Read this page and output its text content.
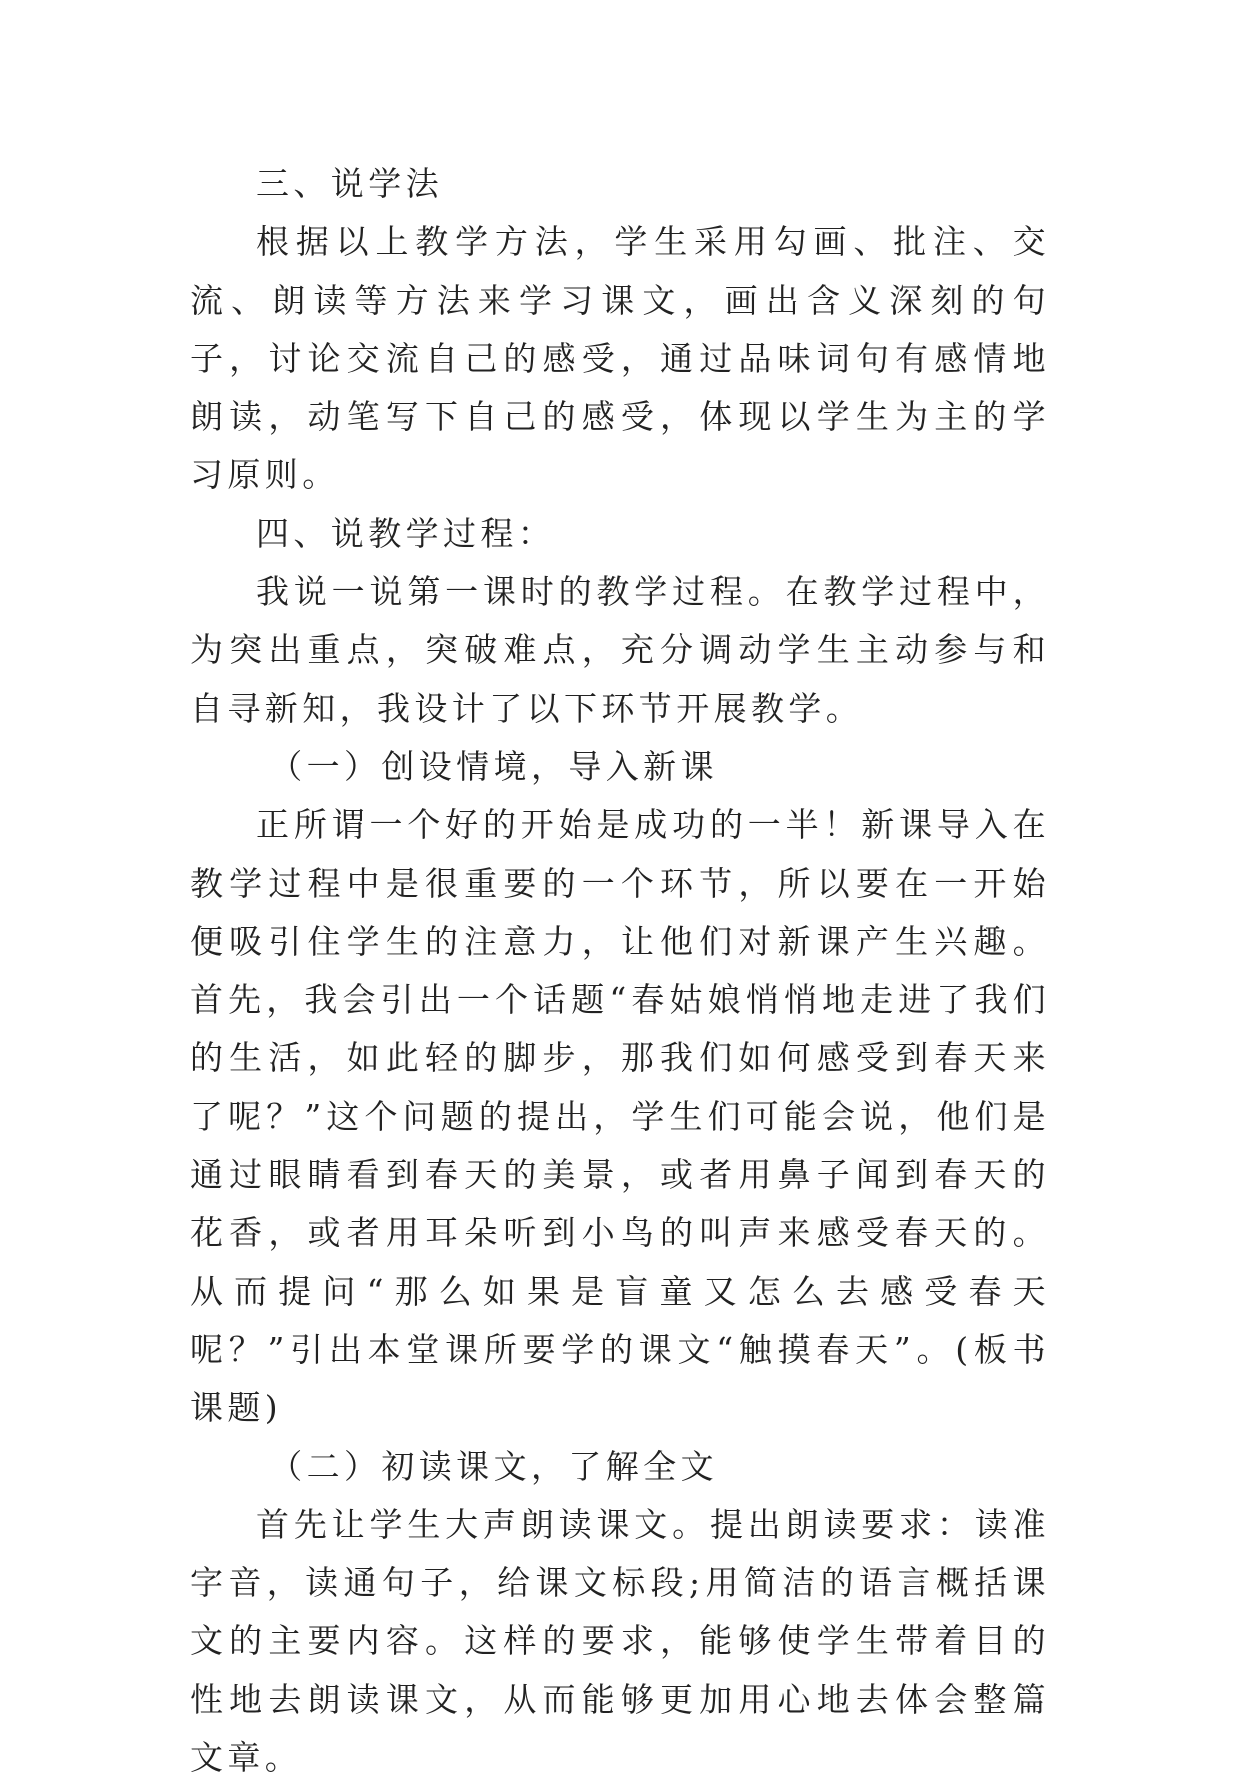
三、说学法

根据以上教学方法，学生采用勾画、批注、交流、朗读等方法来学习课文，画出含义深刻的句子，讨论交流自己的感受，通过品味词句有感情地朗读，动笔写下自己的感受，体现以学生为主的学习原则。

四、说教学过程：

我说一说第一课时的教学过程。在教学过程中，为突出重点，突破难点，充分调动学生主动参与和自寻新知，我设计了以下环节开展教学。

（一）创设情境，导入新课

正所谓一个好的开始是成功的一半！新课导入在教学过程中是很重要的一个环节，所以要在一开始便吸引住学生的注意力，让他们对新课产生兴趣。首先，我会引出一个话题“春姑娘悄悄地走进了我们的生活，如此轻的脚步，那我们如何感受到春天来了呢？”这个问题的提出，学生们可能会说，他们是通过眼睛看到春天的美景，或者用鼻子闻到春天的花香，或者用耳朵听到小鸟的叫声来感受春天的。从而提问“那么如果是盲童又怎么去感受春天呢？”引出本堂课所要学的课文“触摸春天”。(板书课题)

（二）初读课文，了解全文

首先让学生大声朗读课文。提出朗读要求：读准字音，读通句子，给课文标段;用简洁的语言概括课文的主要内容。这样的要求，能够使学生带着目的性地去朗读课文，从而能够更加用心地去体会整篇文章。
